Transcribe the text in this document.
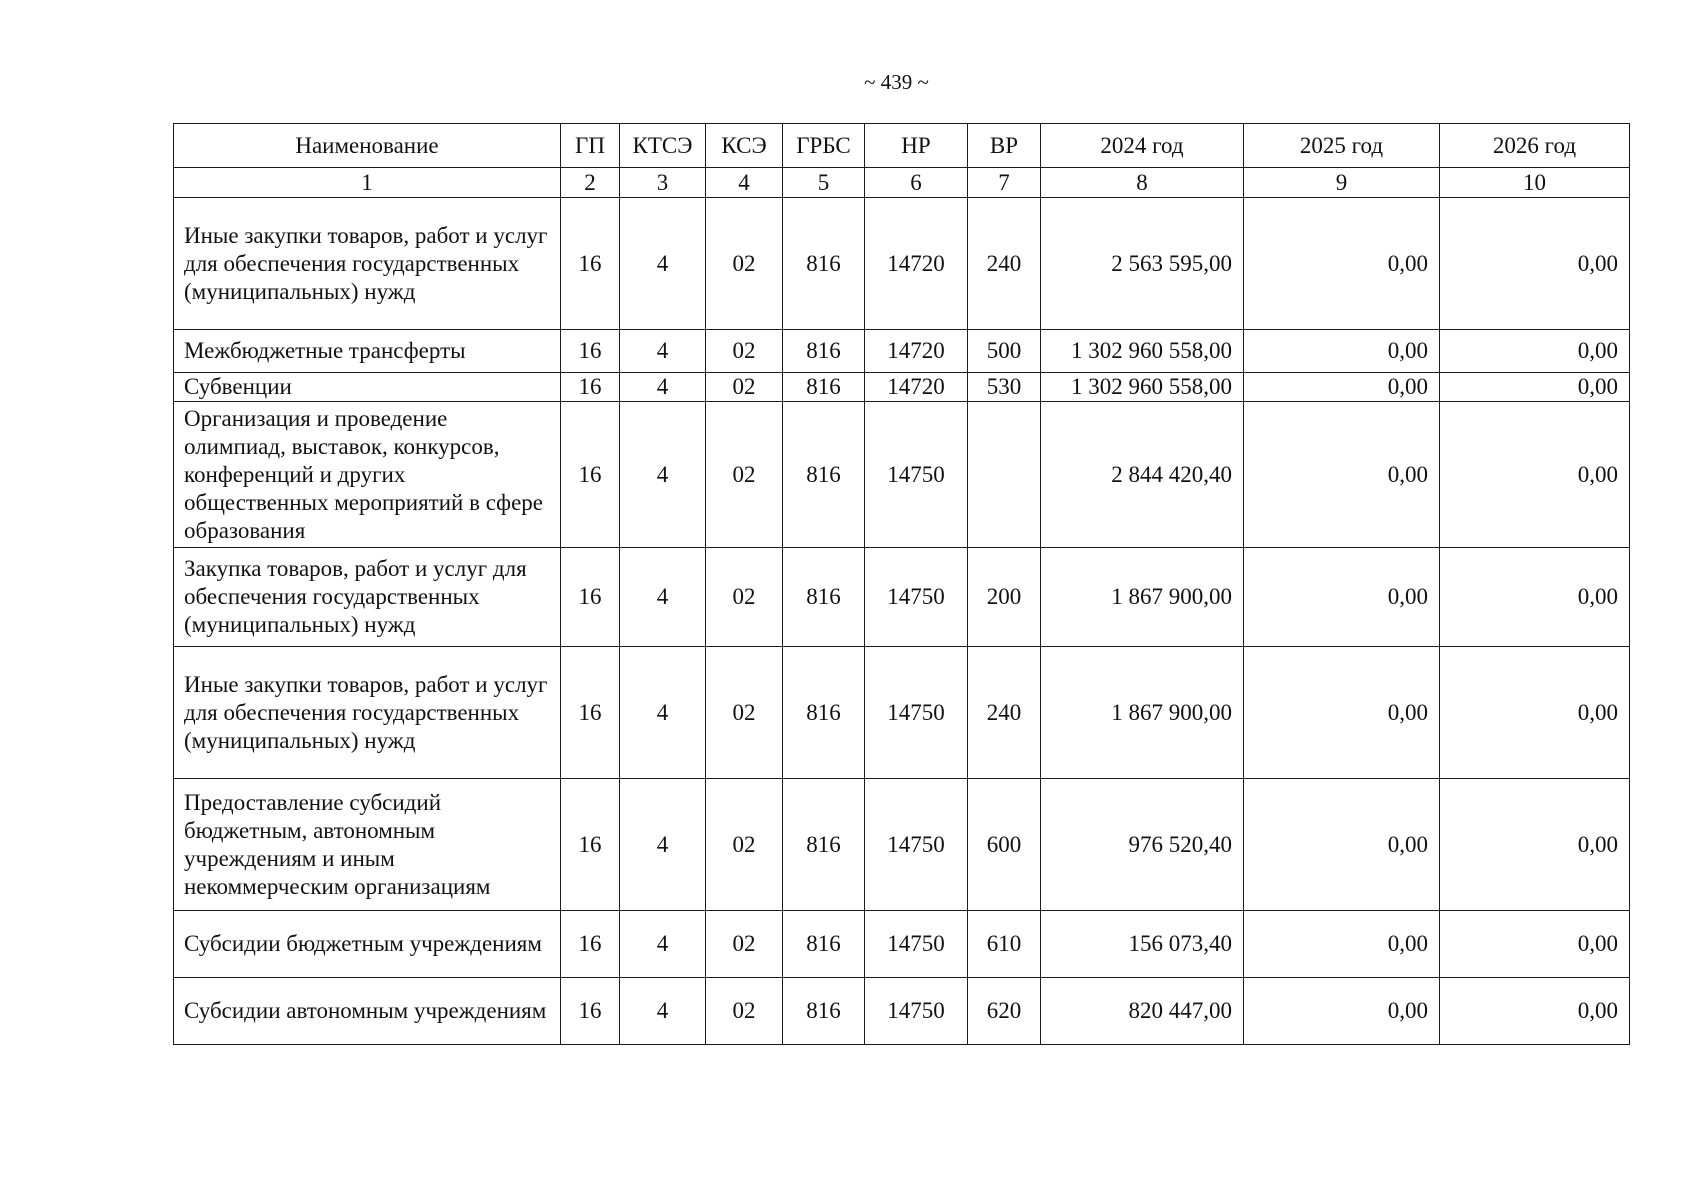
~ 439 ~
Наименование	ГП	КТСЭ	КСЭ	ГРБС	НР	ВР	2024 год	2025 год	2026 год
1	2	3	4	5	6	7	8	9	10
Иные закупки товаров, работ и услуг для обеспечения государственных (муниципальных) нужд	16	4	02	816	14720	240	2 563 595,00	0,00	0,00
Межбюджетные трансферты	16	4	02	816	14720	500	1 302 960 558,00	0,00	0,00
Субвенции	16	4	02	816	14720	530	1 302 960 558,00	0,00	0,00
Организация и проведение олимпиад, выставок, конкурсов, конференций и других общественных мероприятий в сфере образования	16	4	02	816	14750		2 844 420,40	0,00	0,00
Закупка товаров, работ и услуг для обеспечения государственных (муниципальных) нужд	16	4	02	816	14750	200	1 867 900,00	0,00	0,00
Иные закупки товаров, работ и услуг для обеспечения государственных (муниципальных) нужд	16	4	02	816	14750	240	1 867 900,00	0,00	0,00
Предоставление субсидий бюджетным, автономным учреждениям и иным некоммерческим организациям	16	4	02	816	14750	600	976 520,40	0,00	0,00
Субсидии бюджетным учреждениям	16	4	02	816	14750	610	156 073,40	0,00	0,00
Субсидии автономным учреждениям	16	4	02	816	14750	620	820 447,00	0,00	0,00
